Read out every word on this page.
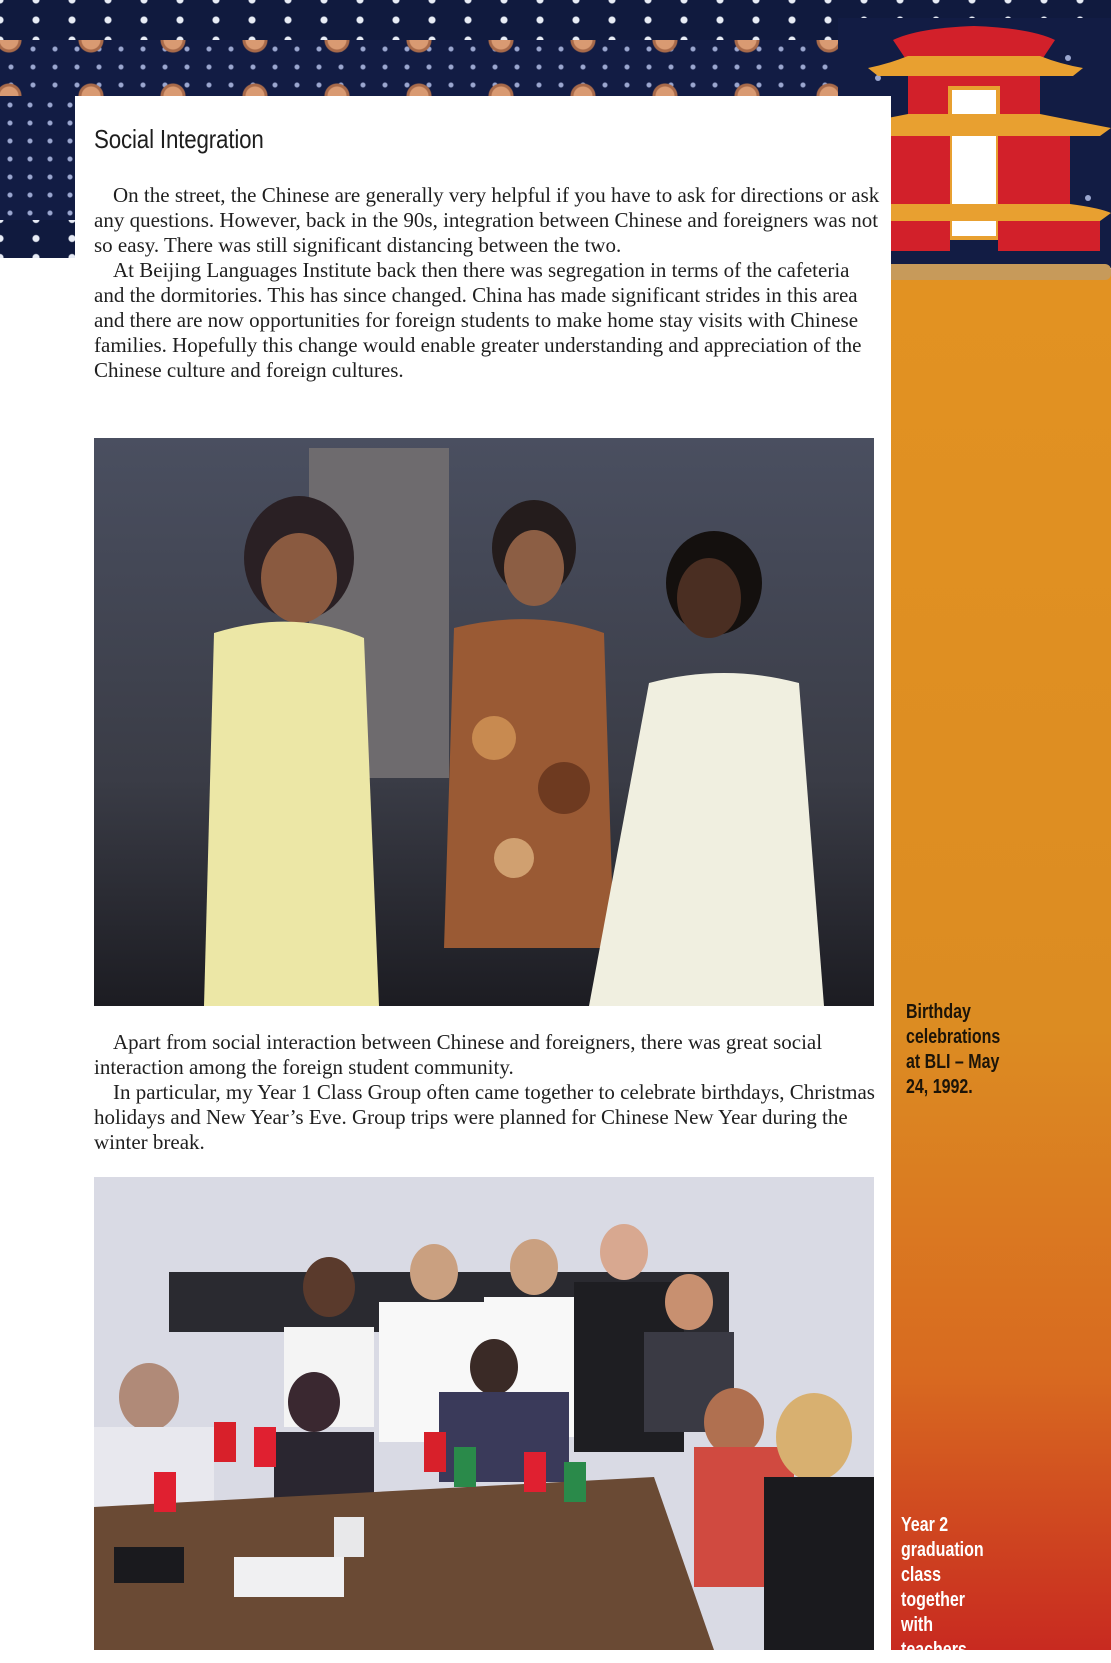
Social Integration

On the street, the Chinese are generally very helpful if you have to ask for directions or ask any questions. However, back in the 90s, integration between Chinese and foreigners was not so easy. There was still significant distancing between the two.

At Beijing Languages Institute back then there was segregation in terms of the cafeteria and the dormitories. This has since changed. China has made significant strides in this area and there are now opportunities for foreign students to make home stay visits with Chinese families. Hopefully this change would enable greater understanding and appreciation of the Chinese culture and foreign cultures.

Birthday celebrations at BLI – May 24, 1992.

Apart from social interaction between Chinese and foreigners, there was great social interaction among the foreign student community.

In particular, my Year 1 Class Group often came together to celebrate birthdays, Christmas holidays and New Year’s Eve. Group trips were planned for Chinese New Year during the winter break.

Year 2 graduation class together with teachers.
